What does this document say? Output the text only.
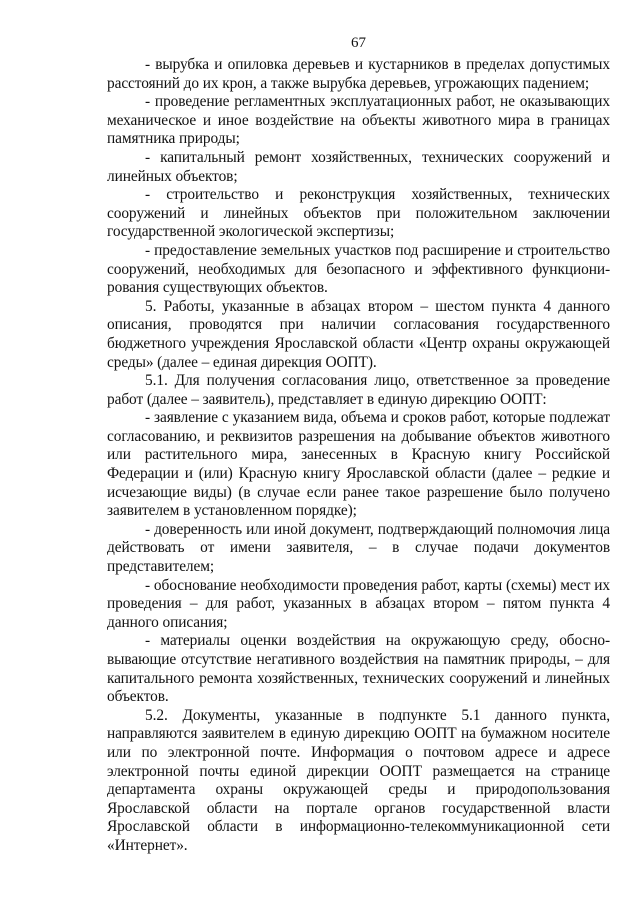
67

- вырубка и опиловка деревьев и кустарников в пределах допустимых расстояний до их крон, а также вырубка деревьев, угрожающих падением;

- проведение регламентных эксплуатационных работ, не оказывающих механическое и иное воздействие на объекты животного мира в границах памятника природы;

- капитальный ремонт хозяйственных, технических сооружений и линейных объектов;

- строительство и реконструкция хозяйственных, технических сооружений и линейных объектов при положительном заключении государственной экологической экспертизы;

- предоставление земельных участков под расширение и строительство сооружений, необходимых для безопасного и эффективного функциони- рования существующих объектов.

5. Работы, указанные в абзацах втором – шестом пункта 4 данного описания, проводятся при наличии согласования государственного бюджетного учреждения Ярославской области «Центр охраны окружающей среды» (далее – единая дирекция ООПТ).

5.1. Для получения согласования лицо, ответственное за проведение работ (далее – заявитель), представляет в единую дирекцию ООПТ:

- заявление с указанием вида, объема и сроков работ, которые подлежат согласованию, и реквизитов разрешения на добывание объектов животного или растительного мира, занесенных в Красную книгу Российской Федерации и (или) Красную книгу Ярославской области (далее – редкие и исчезающие виды) (в случае если ранее такое разрешение было получено заявителем в установленном порядке);

- доверенность или иной документ, подтверждающий полномочия лица действовать от имени заявителя, – в случае подачи документов представителем;

- обоснование необходимости проведения работ, карты (схемы) мест их проведения – для работ, указанных в абзацах втором – пятом пункта 4 данного описания;

- материалы оценки воздействия на окружающую среду, обосно- вывающие отсутствие негативного воздействия на памятник природы, – для капитального ремонта хозяйственных, технических сооружений и линейных объектов.

5.2. Документы, указанные в подпункте 5.1 данного пункта, направляются заявителем в единую дирекцию ООПТ на бумажном носителе или по электронной почте. Информация о почтовом адресе и адресе электронной почты единой дирекции ООПТ размещается на странице департамента охраны окружающей среды и природопользования Ярославской области на портале органов государственной власти Ярославской области в информационно-телекоммуникационной сети «Интернет».
